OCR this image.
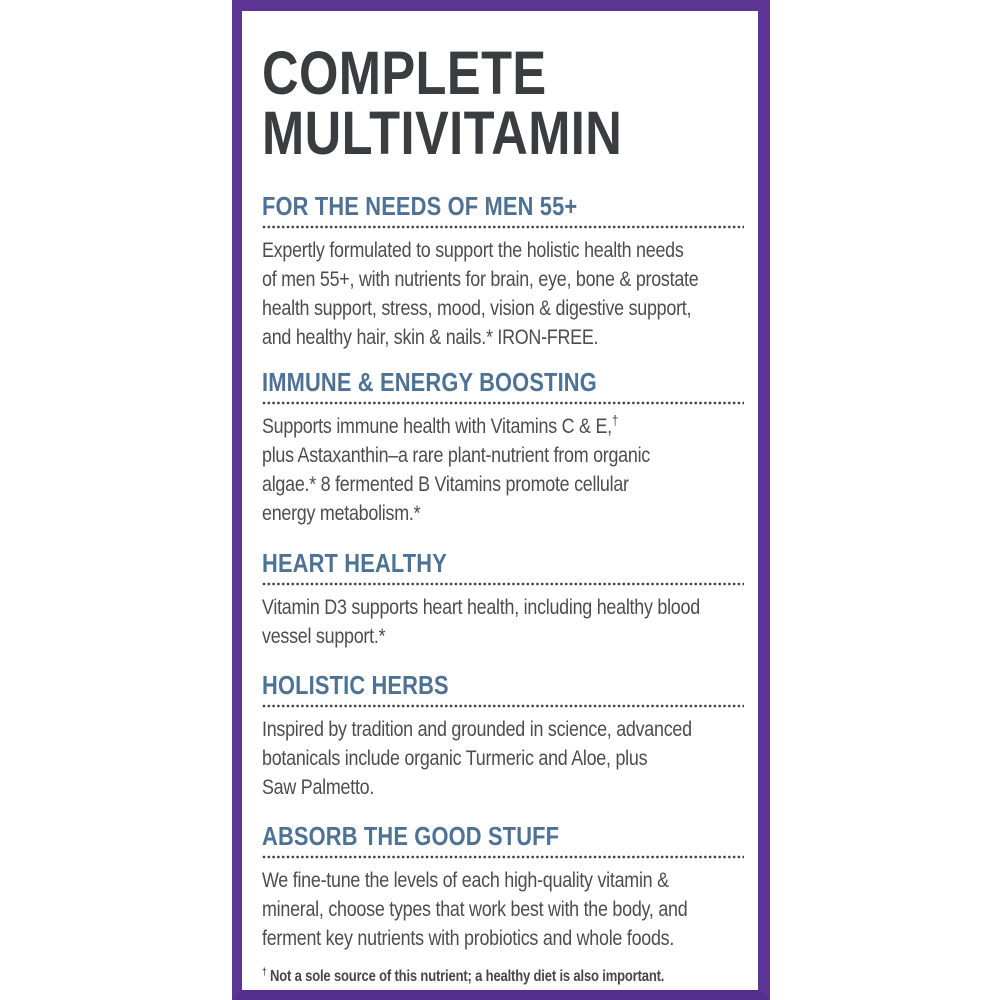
COMPLETE
MULTIVITAMIN
FOR THE NEEDS OF MEN 55+
Expertly formulated to support the holistic health needs
of men 55+, with nutrients for brain, eye, bone & prostate
health support, stress, mood, vision & digestive support,
and healthy hair, skin & nails.* IRON-FREE.
IMMUNE & ENERGY BOOSTING
Supports immune health with Vitamins C & E,†
plus Astaxanthin–a rare plant-nutrient from organic
algae.* 8 fermented B Vitamins promote cellular
energy metabolism.*
HEART HEALTHY
Vitamin D3 supports heart health, including healthy blood
vessel support.*
HOLISTIC HERBS
Inspired by tradition and grounded in science, advanced
botanicals include organic Turmeric and Aloe, plus
Saw Palmetto.
ABSORB THE GOOD STUFF
We fine-tune the levels of each high-quality vitamin &
mineral, choose types that work best with the body, and
ferment key nutrients with probiotics and whole foods.
† Not a sole source of this nutrient; a healthy diet is also important.
